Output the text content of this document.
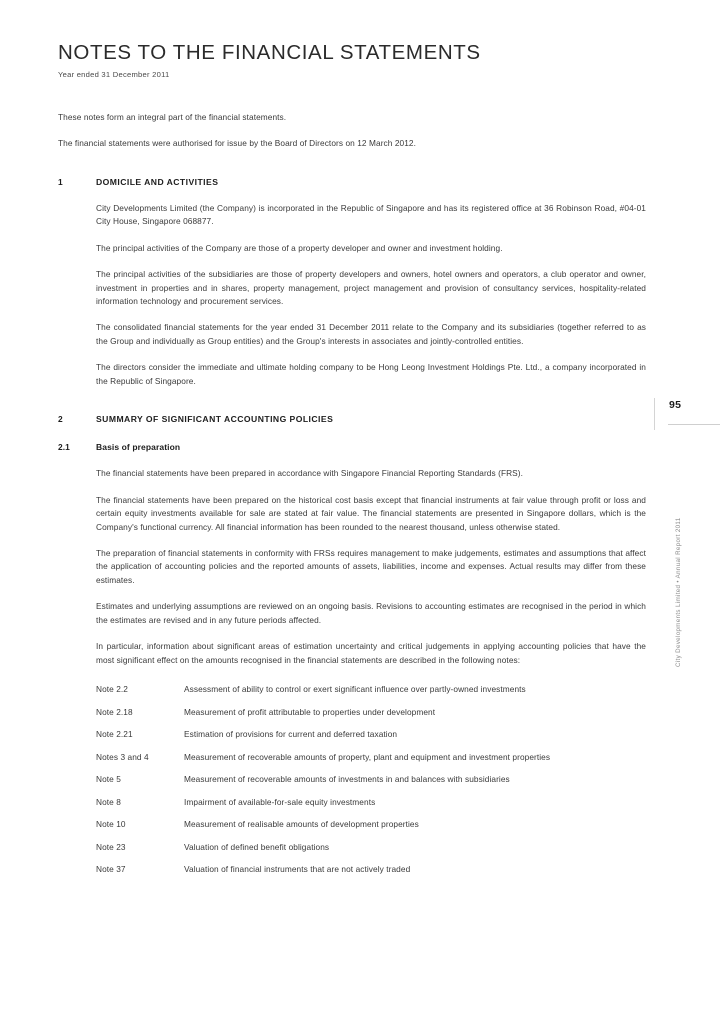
NOTES TO THE FINANCIAL STATEMENTS
Year ended 31 December 2011

These notes form an integral part of the financial statements.

The financial statements were authorised for issue by the Board of Directors on 12 March 2012.

1	DOMICILE AND ACTIVITIES

City Developments Limited (the Company) is incorporated in the Republic of Singapore and has its registered office at 36 Robinson Road, #04-01 City House, Singapore 068877.

The principal activities of the Company are those of a property developer and owner and investment holding.

The principal activities of the subsidiaries are those of property developers and owners, hotel owners and operators, a club operator and owner, investment in properties and in shares, property management, project management and provision of consultancy services, hospitality-related information technology and procurement services.

The consolidated financial statements for the year ended 31 December 2011 relate to the Company and its subsidiaries (together referred to as the Group and individually as Group entities) and the Group's interests in associates and jointly-controlled entities.

The directors consider the immediate and ultimate holding company to be Hong Leong Investment Holdings Pte. Ltd., a company incorporated in the Republic of Singapore.

2	SUMMARY OF SIGNIFICANT ACCOUNTING POLICIES
2.1	Basis of preparation

The financial statements have been prepared in accordance with Singapore Financial Reporting Standards (FRS).

The financial statements have been prepared on the historical cost basis except that financial instruments at fair value through profit or loss and certain equity investments available for sale are stated at fair value. The financial statements are presented in Singapore dollars, which is the Company's functional currency. All financial information has been rounded to the nearest thousand, unless otherwise stated.

The preparation of financial statements in conformity with FRSs requires management to make judgements, estimates and assumptions that affect the application of accounting policies and the reported amounts of assets, liabilities, income and expenses. Actual results may differ from these estimates.

Estimates and underlying assumptions are reviewed on an ongoing basis. Revisions to accounting estimates are recognised in the period in which the estimates are revised and in any future periods affected.

In particular, information about significant areas of estimation uncertainty and critical judgements in applying accounting policies that have the most significant effect on the amounts recognised in the financial statements are described in the following notes:

Note 2.2	Assessment of ability to control or exert significant influence over partly-owned investments
Note 2.18	Measurement of profit attributable to properties under development
Note 2.21	Estimation of provisions for current and deferred taxation
Notes 3 and 4	Measurement of recoverable amounts of property, plant and equipment and investment properties
Note 5	Measurement of recoverable amounts of investments in and balances with subsidiaries
Note 8	Impairment of available-for-sale equity investments
Note 10	Measurement of realisable amounts of development properties
Note 23	Valuation of defined benefit obligations
Note 37	Valuation of financial instruments that are not actively traded
95
City Developments Limited • Annual Report 2011
